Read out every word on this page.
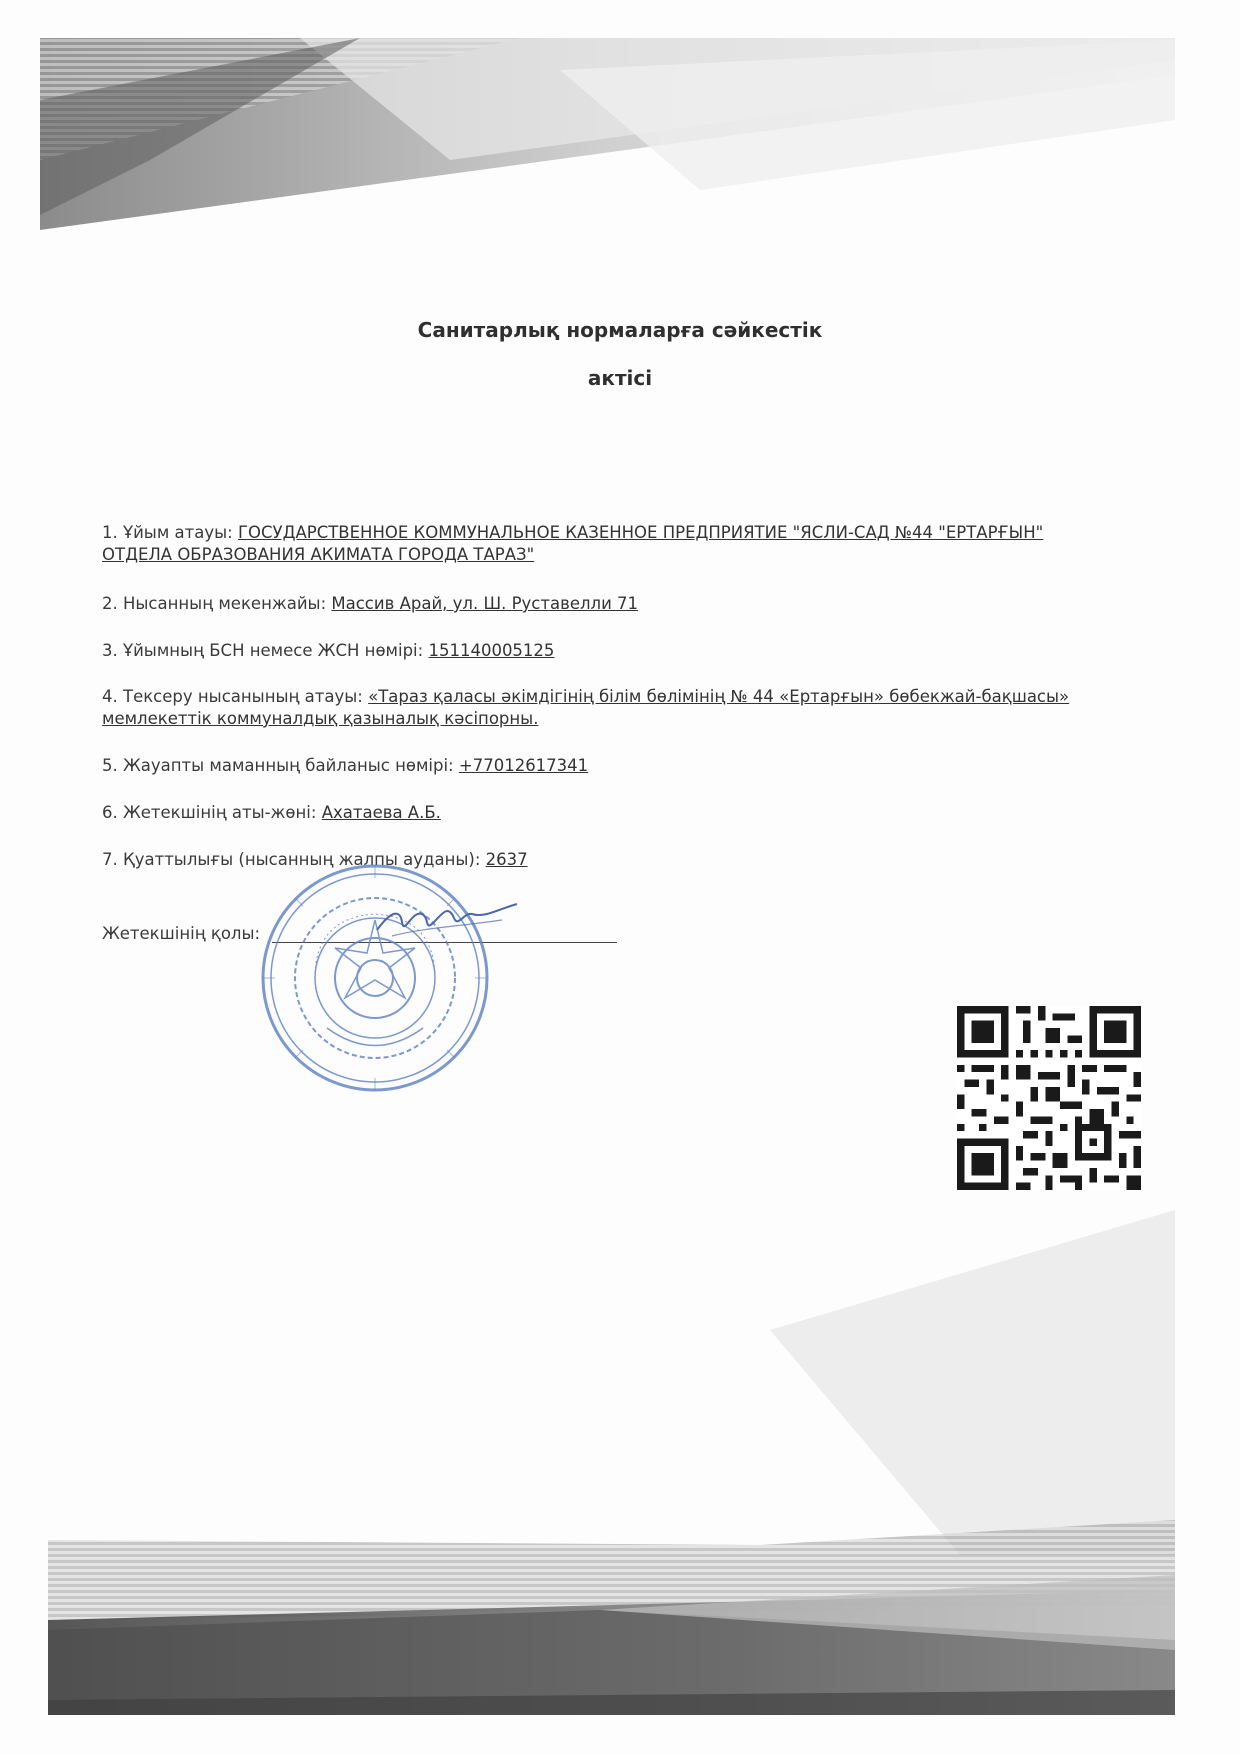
Санитарлық нормаларға сәйкестік
актісі
1. Ұйым атауы: ГОСУДАРСТВЕННОЕ КОММУНАЛЬНОЕ КАЗЕННОЕ ПРЕДПРИЯТИЕ "ЯСЛИ-САД №44 "ЕРТАРҒЫН" ОТДЕЛА ОБРАЗОВАНИЯ АКИМАТА ГОРОДА ТАРАЗ"
2. Нысанның мекенжайы: Массив Арай, ул. Ш. Руставелли 71
3. Ұйымның БСН немесе ЖСН нөмірі: 151140005125
4. Тексеру нысанының атауы: «Тараз қаласы әкімдігінің білім бөлімінің № 44 «Ертарғын» бөбекжай-бақшасы» мемлекеттік коммуналдық қазыналық кәсіпорны.
5. Жауапты маманның байланыс нөмірі: +77012617341
6. Жетекшінің аты-жөні: Ахатаева А.Б.
7. Қуаттылығы (нысанның жалпы ауданы): 2637
Жетекшінің қолы:
